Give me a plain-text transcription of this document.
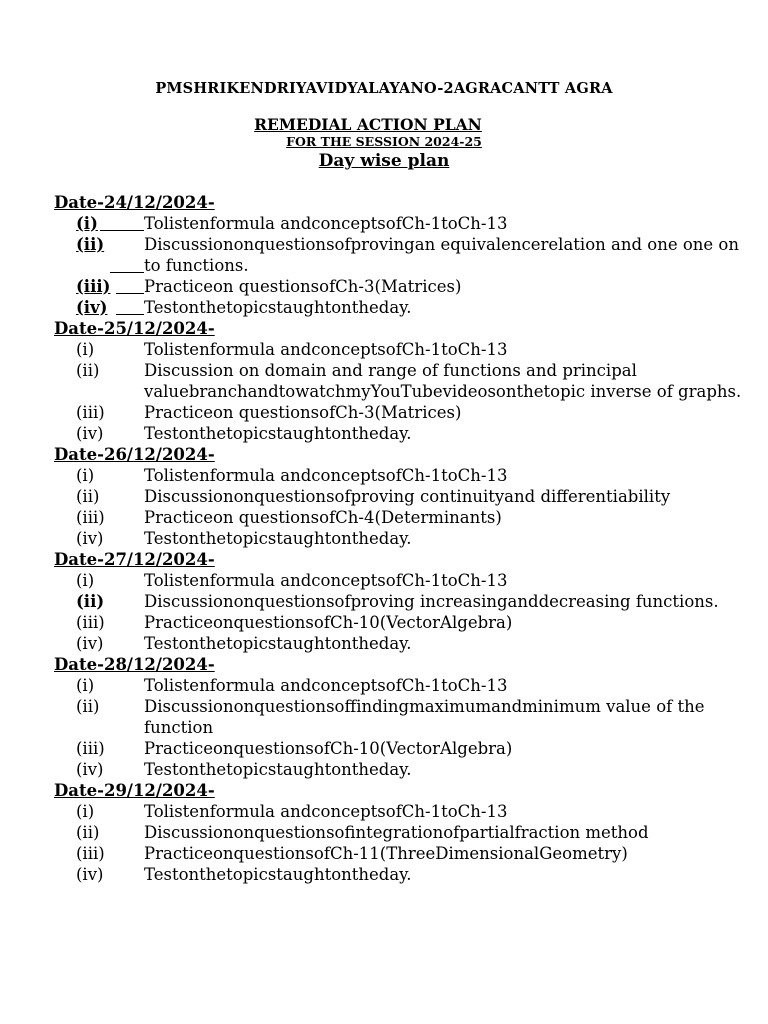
PMSHRIKENDRIYAVIDYALAYANO-2AGRACANTT AGRA
REMEDIAL ACTION PLAN
FOR THE SESSION 2024-25
Day wise plan
Date-24/12/2024-
(i)	Tolistenformula andconceptsofCh-1toCh-13
(ii)	Discussiononquestionsofprovingan equivalencerelation and one one on to functions.
(iii)	Practiceon questionsofCh-3(Matrices)
(iv)	Testonthetopicstaughtontheday.
Date-25/12/2024-
(i)	Tolistenformula andconceptsofCh-1toCh-13
(ii)	Discussion on domain and range of functions and principal valuebranchandtowatchmyYouTubevideosonthetopic inverse of graphs.
(iii)	Practiceon questionsofCh-3(Matrices)
(iv)	Testonthetopicstaughtontheday.
Date-26/12/2024-
(i)	Tolistenformula andconceptsofCh-1toCh-13
(ii)	Discussiononquestionsofproving continuityand differentiability
(iii)	Practiceon questionsofCh-4(Determinants)
(iv)	Testonthetopicstaughtontheday.
Date-27/12/2024-
(i)	Tolistenformula andconceptsofCh-1toCh-13
(ii)	Discussiononquestionsofproving increasinganddecreasing functions.
(iii)	PracticeonquestionsofCh-10(VectorAlgebra)
(iv)	Testonthetopicstaughtontheday.
Date-28/12/2024-
(i)	Tolistenformula andconceptsofCh-1toCh-13
(ii)	Discussiononquestionsoffindingmaximumandminimum value of the function
(iii)	PracticeonquestionsofCh-10(VectorAlgebra)
(iv)	Testonthetopicstaughtontheday.
Date-29/12/2024-
(i)	Tolistenformula andconceptsofCh-1toCh-13
(ii)	Discussiononquestionsofintegrationofpartialfraction method
(iii)	PracticeonquestionsofCh-11(ThreeDimensionalGeometry)
(iv)	Testonthetopicstaughtontheday.
